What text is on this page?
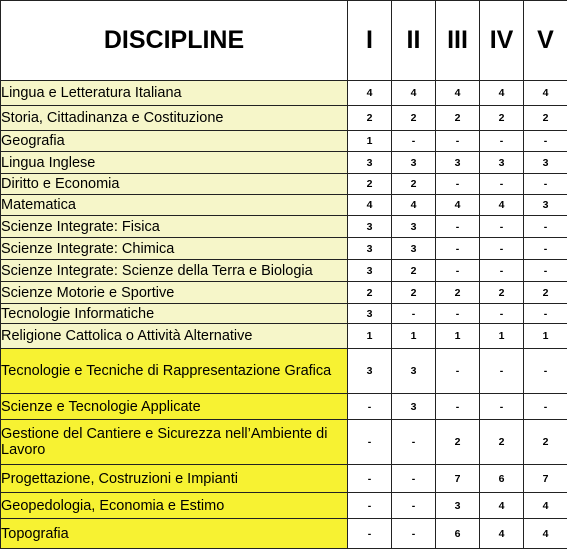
DISCIPLINE	I	II	III	IV	V
Lingua e Letteratura Italiana	4	4	4	4	4
Storia, Cittadinanza e Costituzione	2	2	2	2	2
Geografia	1	-	-	-	-
Lingua Inglese	3	3	3	3	3
Diritto e Economia	2	2	-	-	-
Matematica	4	4	4	4	3
Scienze Integrate: Fisica	3	3	-	-	-
Scienze Integrate: Chimica	3	3	-	-	-
Scienze Integrate: Scienze della Terra e Biologia	3	2	-	-	-
Scienze Motorie e Sportive	2	2	2	2	2
Tecnologie Informatiche	3	-	-	-	-
Religione Cattolica o Attività Alternative	1	1	1	1	1
Tecnologie e Tecniche di Rappresentazione Grafica	3	3	-	-	-
Scienze e Tecnologie Applicate	-	3	-	-	-
Gestione del Cantiere e Sicurezza nell’Ambiente di Lavoro	-	-	2	2	2
Progettazione, Costruzioni e Impianti	-	-	7	6	7
Geopedologia, Economia e Estimo	-	-	3	4	4
Topografia	-	-	6	4	4
